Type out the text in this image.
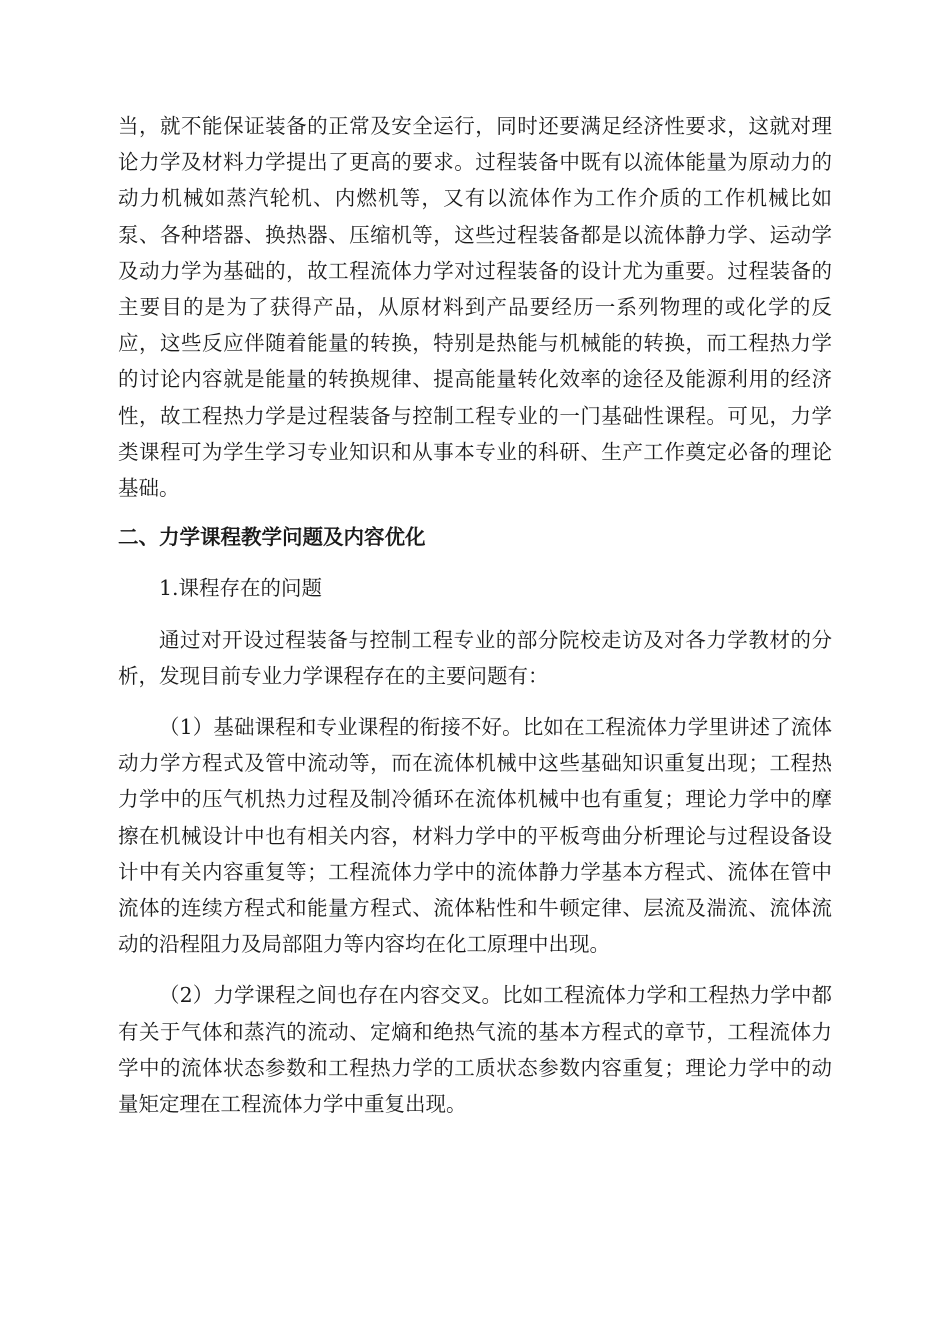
当，就不能保证装备的正常及安全运行，同时还要满足经济性要求，这就对理论力学及材料力学提出了更高的要求。过程装备中既有以流体能量为原动力的动力机械如蒸汽轮机、内燃机等，又有以流体作为工作介质的工作机械比如泵、各种塔器、换热器、压缩机等，这些过程装备都是以流体静力学、运动学及动力学为基础的，故工程流体力学对过程装备的设计尤为重要。过程装备的主要目的是为了获得产品，从原材料到产品要经历一系列物理的或化学的反应，这些反应伴随着能量的转换，特别是热能与机械能的转换，而工程热力学的讨论内容就是能量的转换规律、提高能量转化效率的途径及能源利用的经济性，故工程热力学是过程装备与控制工程专业的一门基础性课程。可见，力学类课程可为学生学习专业知识和从事本专业的科研、生产工作奠定必备的理论基础。

二、力学课程教学问题及内容优化

1.课程存在的问题

通过对开设过程装备与控制工程专业的部分院校走访及对各力学教材的分析，发现目前专业力学课程存在的主要问题有：

（1）基础课程和专业课程的衔接不好。比如在工程流体力学里讲述了流体动力学方程式及管中流动等，而在流体机械中这些基础知识重复出现；工程热力学中的压气机热力过程及制冷循环在流体机械中也有重复；理论力学中的摩擦在机械设计中也有相关内容，材料力学中的平板弯曲分析理论与过程设备设计中有关内容重复等；工程流体力学中的流体静力学基本方程式、流体在管中流体的连续方程式和能量方程式、流体粘性和牛顿定律、层流及湍流、流体流动的沿程阻力及局部阻力等内容均在化工原理中出现。

（2）力学课程之间也存在内容交叉。比如工程流体力学和工程热力学中都有关于气体和蒸汽的流动、定熵和绝热气流的基本方程式的章节，工程流体力学中的流体状态参数和工程热力学的工质状态参数内容重复；理论力学中的动量矩定理在工程流体力学中重复出现。
